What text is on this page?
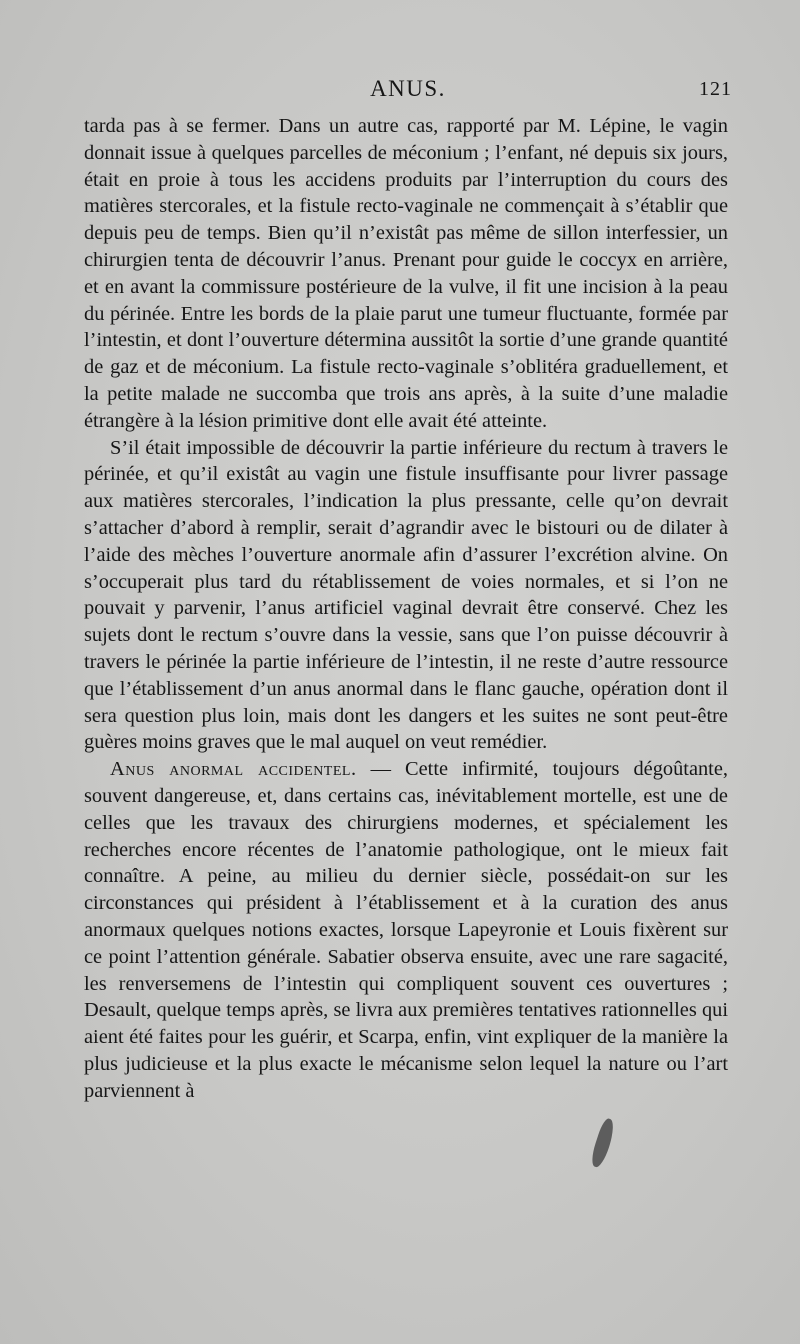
ANUS.	121

tarda pas à se fermer. Dans un autre cas, rapporté par M. Lépine, le vagin donnait issue à quelques parcelles de méconium ; l’enfant, né depuis six jours, était en proie à tous les accidens produits par l’interruption du cours des matières stercorales, et la fistule recto-vaginale ne commençait à s’établir que depuis peu de temps. Bien qu’il n’existât pas même de sillon interfessier, un chirurgien tenta de découvrir l’anus. Prenant pour guide le coccyx en arrière, et en avant la commissure postérieure de la vulve, il fit une incision à la peau du périnée. Entre les bords de la plaie parut une tumeur fluctuante, formée par l’intestin, et dont l’ouverture détermina aussitôt la sortie d’une grande quantité de gaz et de méconium. La fistule recto-vaginale s’oblitéra graduellement, et la petite malade ne succomba que trois ans après, à la suite d’une maladie étrangère à la lésion primitive dont elle avait été atteinte.

S’il était impossible de découvrir la partie inférieure du rectum à travers le périnée, et qu’il existât au vagin une fistule insuffisante pour livrer passage aux matières stercorales, l’indication la plus pressante, celle qu’on devrait s’attacher d’abord à remplir, serait d’agrandir avec le bistouri ou de dilater à l’aide des mèches l’ouverture anormale afin d’assurer l’excrétion alvine. On s’occuperait plus tard du rétablissement de voies normales, et si l’on ne pouvait y parvenir, l’anus artificiel vaginal devrait être conservé. Chez les sujets dont le rectum s’ouvre dans la vessie, sans que l’on puisse découvrir à travers le périnée la partie inférieure de l’intestin, il ne reste d’autre ressource que l’établissement d’un anus anormal dans le flanc gauche, opération dont il sera question plus loin, mais dont les dangers et les suites ne sont peut-être guères moins graves que le mal auquel on veut remédier.

Anus anormal accidentel. — Cette infirmité, toujours dégoûtante, souvent dangereuse, et, dans certains cas, inévitablement mortelle, est une de celles que les travaux des chirurgiens modernes, et spécialement les recherches encore récentes de l’anatomie pathologique, ont le mieux fait connaître. A peine, au milieu du dernier siècle, possédait-on sur les circonstances qui président à l’établissement et à la curation des anus anormaux quelques notions exactes, lorsque Lapeyronie et Louis fixèrent sur ce point l’attention générale. Sabatier observa ensuite, avec une rare sagacité, les renversemens de l’intestin qui compliquent souvent ces ouvertures ; Desault, quelque temps après, se livra aux premières tentatives rationnelles qui aient été faites pour les guérir, et Scarpa, enfin, vint expliquer de la manière la plus judicieuse et la plus exacte le mécanisme selon lequel la nature ou l’art parviennent à
